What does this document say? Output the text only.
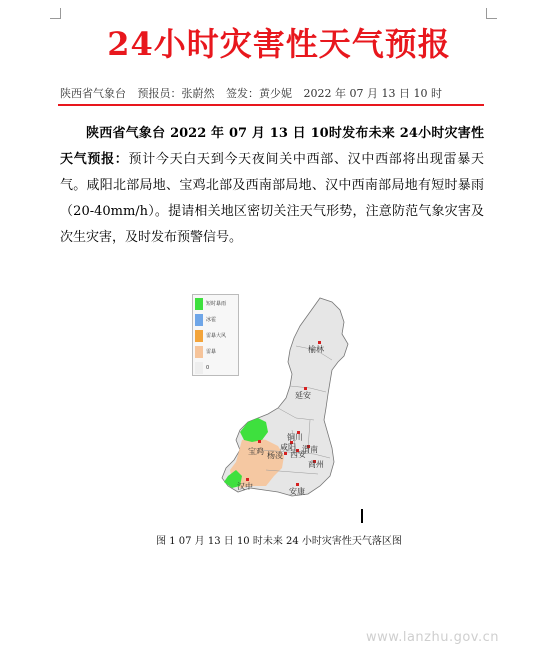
24小时灾害性天气预报
陕西省气象台 预报员：张蔚然 签发：黄少妮 2022 年 07 月 13 日 10 时
陕西省气象台 2022 年 07 月 13 日 10时发布未来 24小时灾害性天气预报：预计今天白天到今天夜间关中西部、汉中西部将出现雷暴天气。咸阳北部局地、宝鸡北部及西南部局地、汉中西南部局地有短时暴雨（20-40mm/h）。提请相关地区密切关注天气形势，注意防范气象灾害及次生灾害，及时发布预警信号。
榆林
延安
铜川
咸阳 渭南
宝鸡 杨凌 西安
商州
汉中
安康
短时暴雨
冰雹
雷暴大风
雷暴
0
图 1 07 月 13 日 10 时未来 24 小时灾害性天气落区图
www.lanzhu.gov.cn
